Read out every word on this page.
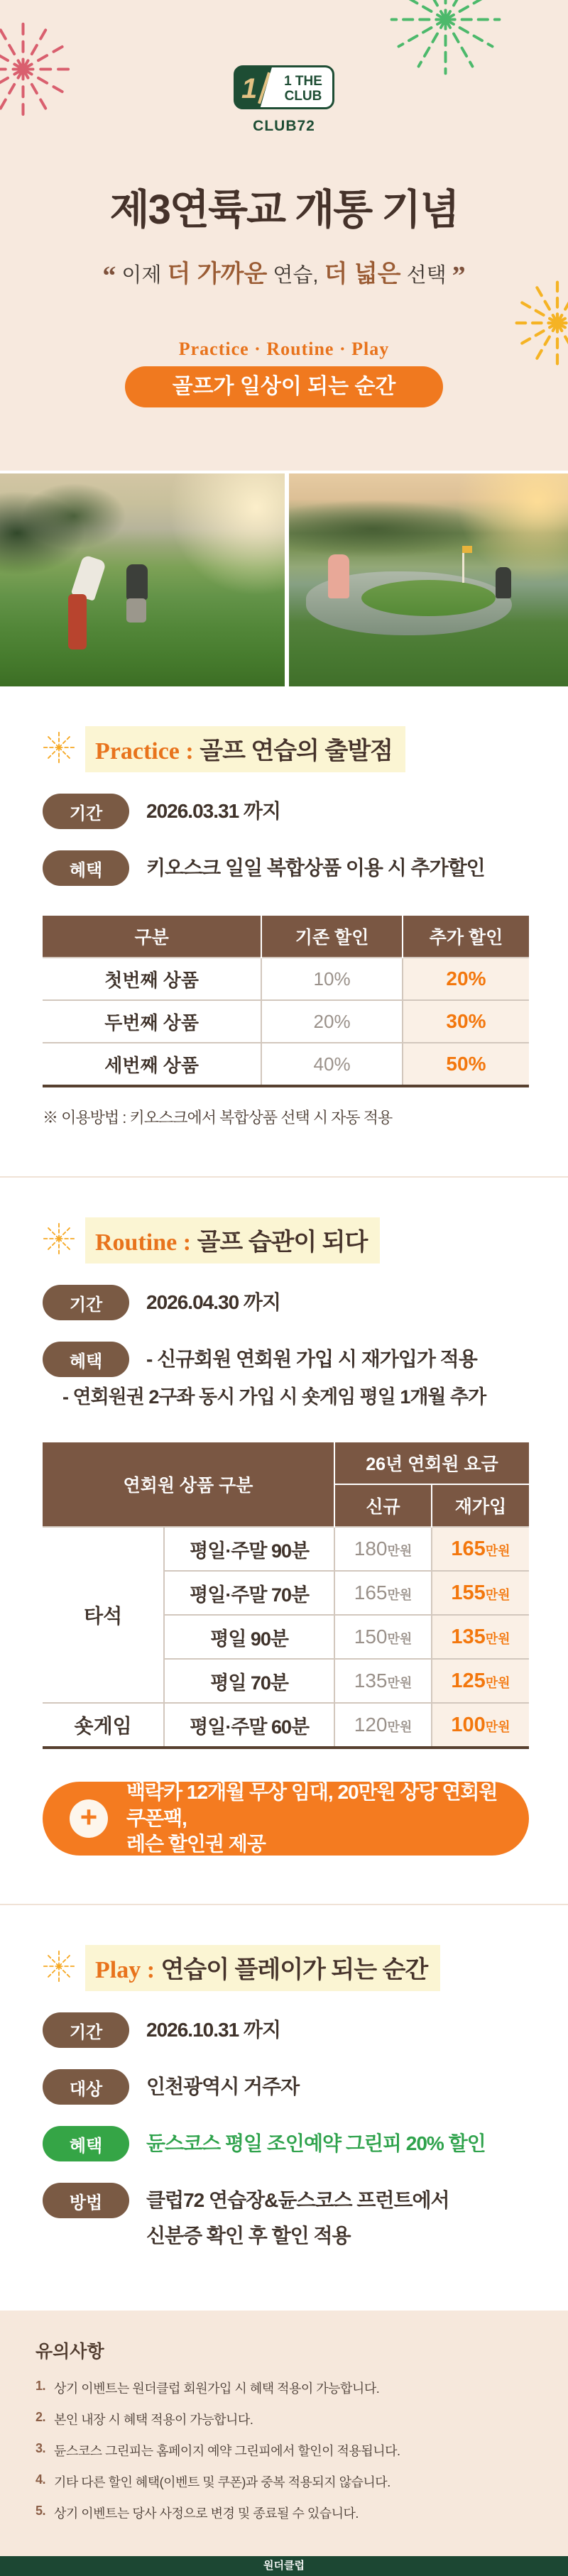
1	1 THE
CLUB
CLUB72
제3연륙교 개통 기념
“ 이제 더 가까운 연습, 더 넓은 선택 ”
Practice · Routine · Play
골프가 일상이 되는 순간
Practice : 골프 연습의 출발점
기간	2026.03.31 까지
혜택	키오스크 일일 복합상품 이용 시 추가할인
구분	기존 할인	추가 할인
첫번째 상품	10%	20%
두번째 상품	20%	30%
세번째 상품	40%	50%
※ 이용방법 : 키오스크에서 복합상품 선택 시 자동 적용
Routine : 골프 습관이 되다
기간	2026.04.30 까지
혜택	- 신규회원 연회원 가입 시 재가입가 적용
- 연회원권 2구좌 동시 가입 시 숏게임 평일 1개월 추가
연회원 상품 구분		26년 연회원 요금	
		신규	재가입
타석	평일·주말 90분	180만원	165만원
	평일·주말 70분	165만원	155만원
	평일 90분	150만원	135만원
	평일 70분	135만원	125만원
숏게임	평일·주말 60분	120만원	100만원
+
백락카 12개월 무상 임대, 20만원 상당 연회원 쿠폰팩,
레슨 할인권 제공
Play : 연습이 플레이가 되는 순간
기간	2026.10.31 까지
대상	인천광역시 거주자
혜택	듄스코스 평일 조인예약 그린피 20% 할인
방법	클럽72 연습장&듄스코스 프런트에서
신분증 확인 후 할인 적용
유의사항
1. 상기 이벤트는 원더클럽 회원가입 시 혜택 적용이 가능합니다.
2. 본인 내장 시 혜택 적용이 가능합니다.
3. 듄스코스 그린피는 홈페이지 예약 그린피에서 할인이 적용됩니다.
4. 기타 다른 할인 혜택(이벤트 및 쿠폰)과 중복 적용되지 않습니다.
5. 상기 이벤트는 당사 사정으로 변경 및 종료될 수 있습니다.
원더클럽
